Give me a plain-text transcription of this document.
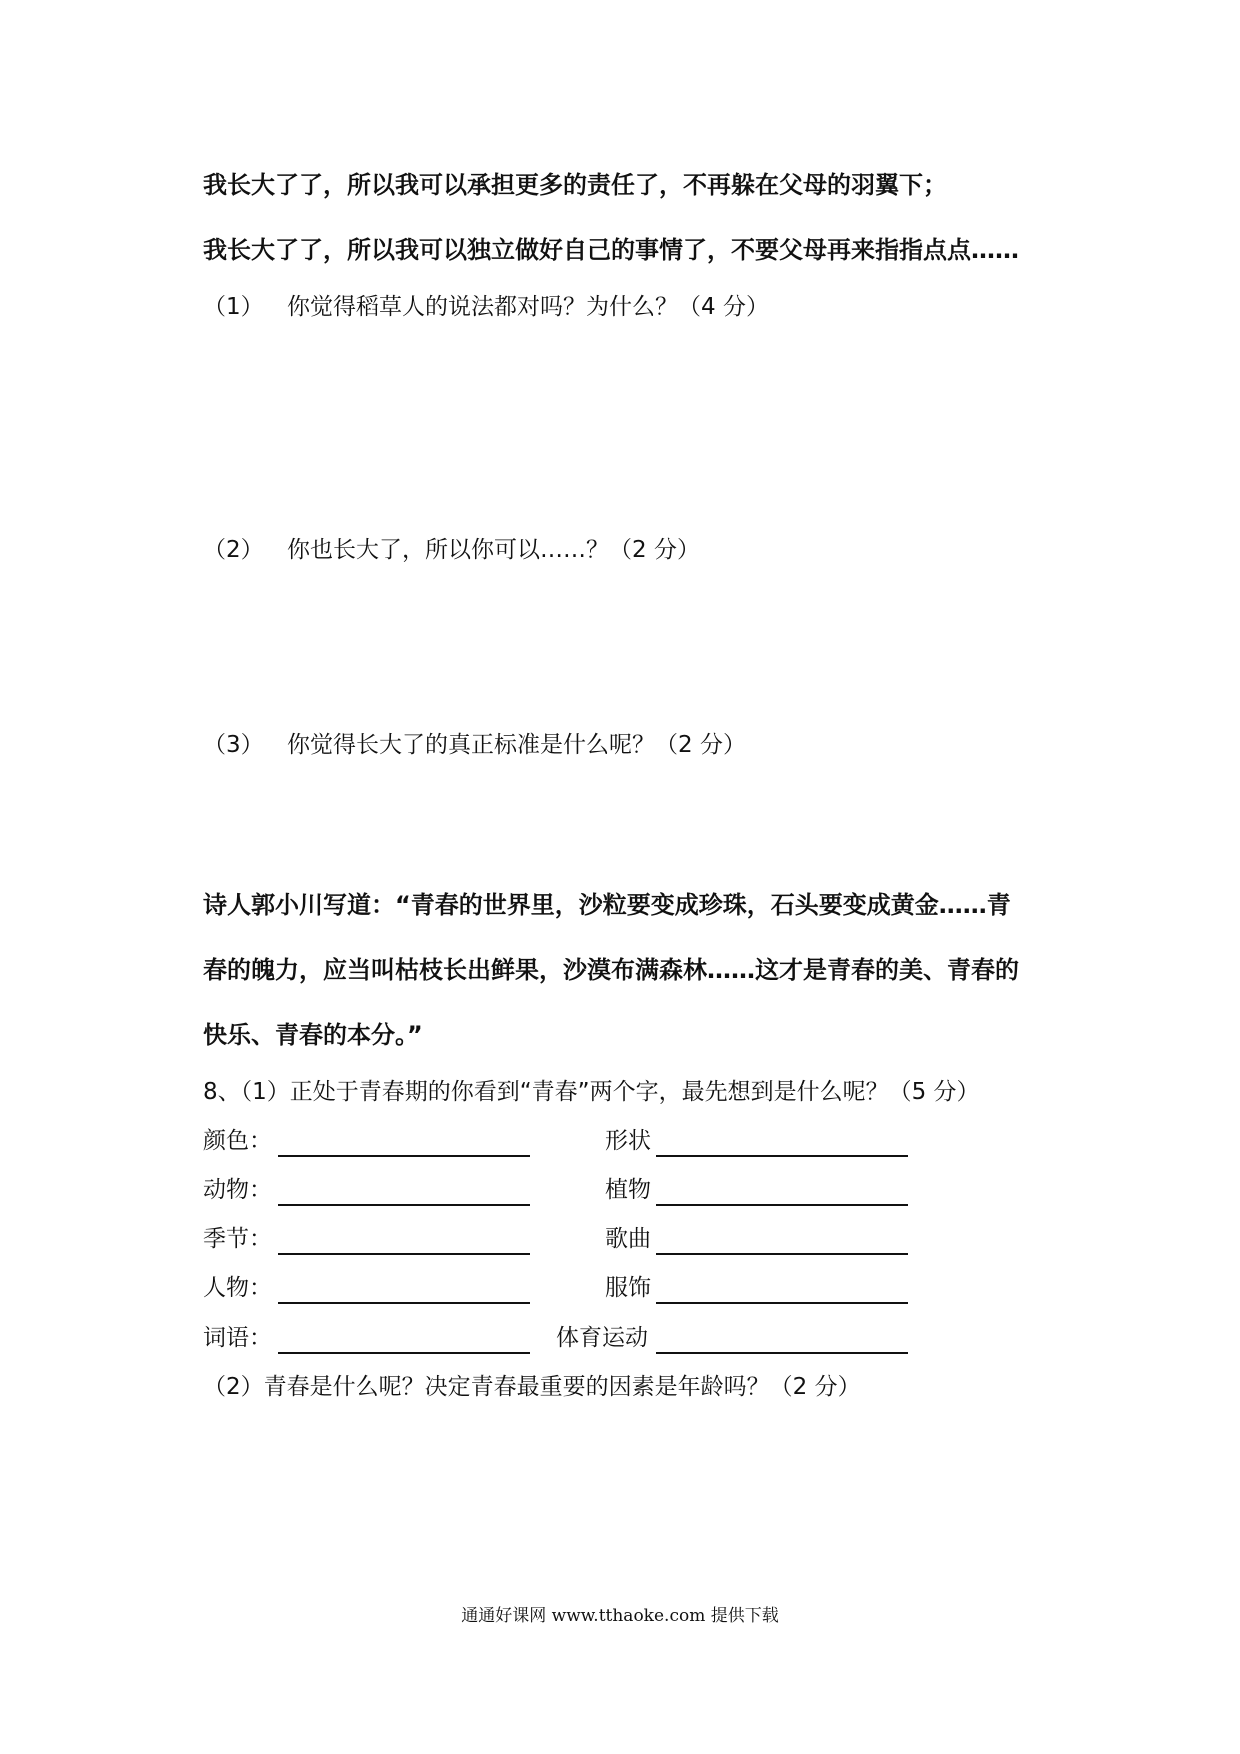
我长大了了，所以我可以承担更多的责任了，不再躲在父母的羽翼下；
我长大了了，所以我可以独立做好自己的事情了，不要父母再来指指点点……
（1） 你觉得稻草人的说法都对吗？为什么？（4 分）
（2） 你也长大了，所以你可以……？（2 分）
（3） 你觉得长大了的真正标准是什么呢？（2 分）
诗人郭小川写道：“青春的世界里，沙粒要变成珍珠，石头要变成黄金……青
春的魄力，应当叫枯枝长出鲜果，沙漠布满森林……这才是青春的美、青春的
快乐、青春的本分。”
8、（1）正处于青春期的你看到“青春”两个字，最先想到是什么呢？（5 分）
颜色：	形状
动物：	植物
季节：	歌曲
人物：	服饰
词语：	体育运动
（2）青春是什么呢？决定青春最重要的因素是年龄吗？（2 分）
通通好课网 www.tthaoke.com 提供下载
